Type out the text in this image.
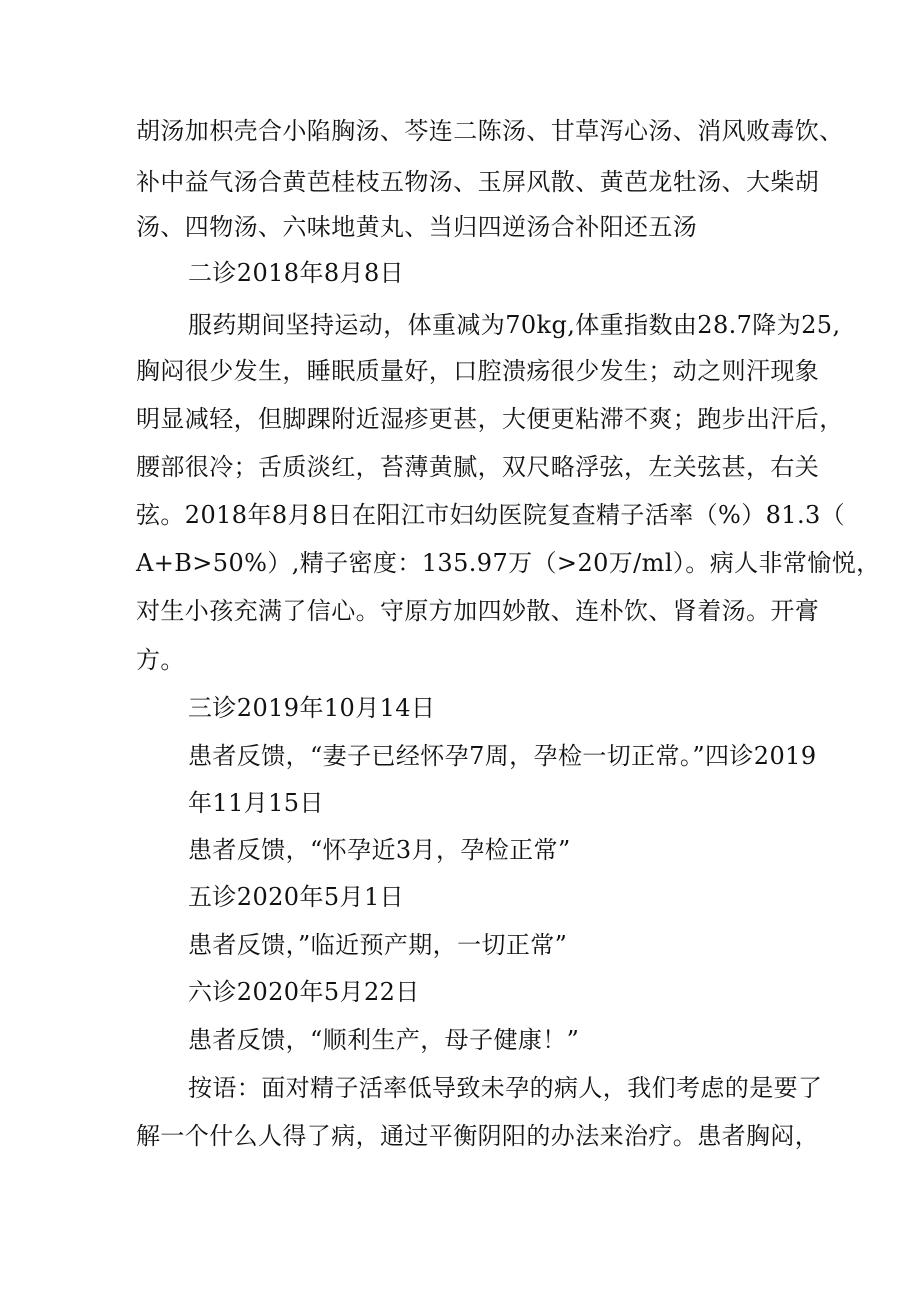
胡汤加枳壳合小陷胸汤、芩连二陈汤、甘草泻心汤、消风败毒饮、
补中益气汤合黄芭桂枝五物汤、玉屏风散、黄芭龙牡汤、大柴胡
汤、四物汤、六味地黄丸、当归四逆汤合补阳还五汤
二诊2018年8月8日
服药期间坚持运动，体重减为70kg,体重指数由28.7降为25,
胸闷很少发生，睡眠质量好，口腔溃疡很少发生；动之则汗现象
明显减轻，但脚踝附近湿疹更甚，大便更粘滞不爽；跑步出汗后，
腰部很冷；舌质淡红，苔薄黄腻，双尺略浮弦，左关弦甚，右关
弦。2018年8月8日在阳江市妇幼医院复查精子活率（%）81.3（
A+B>50%）,精子密度：135.97万（>20万/ml）。病人非常愉悦，
对生小孩充满了信心。守原方加四妙散、连朴饮、肾着汤。开膏
方。
三诊2019年10月14日
患者反馈，“妻子已经怀孕7周，孕检一切正常。”四诊2019
年11月15日
患者反馈，“怀孕近3月，孕检正常”
五诊2020年5月1日
患者反馈，”临近预产期，一切正常”
六诊2020年5月22日
患者反馈，“顺利生产，母子健康！”
按语：面对精子活率低导致未孕的病人，我们考虑的是要了
解一个什么人得了病，通过平衡阴阳的办法来治疗。患者胸闷，
